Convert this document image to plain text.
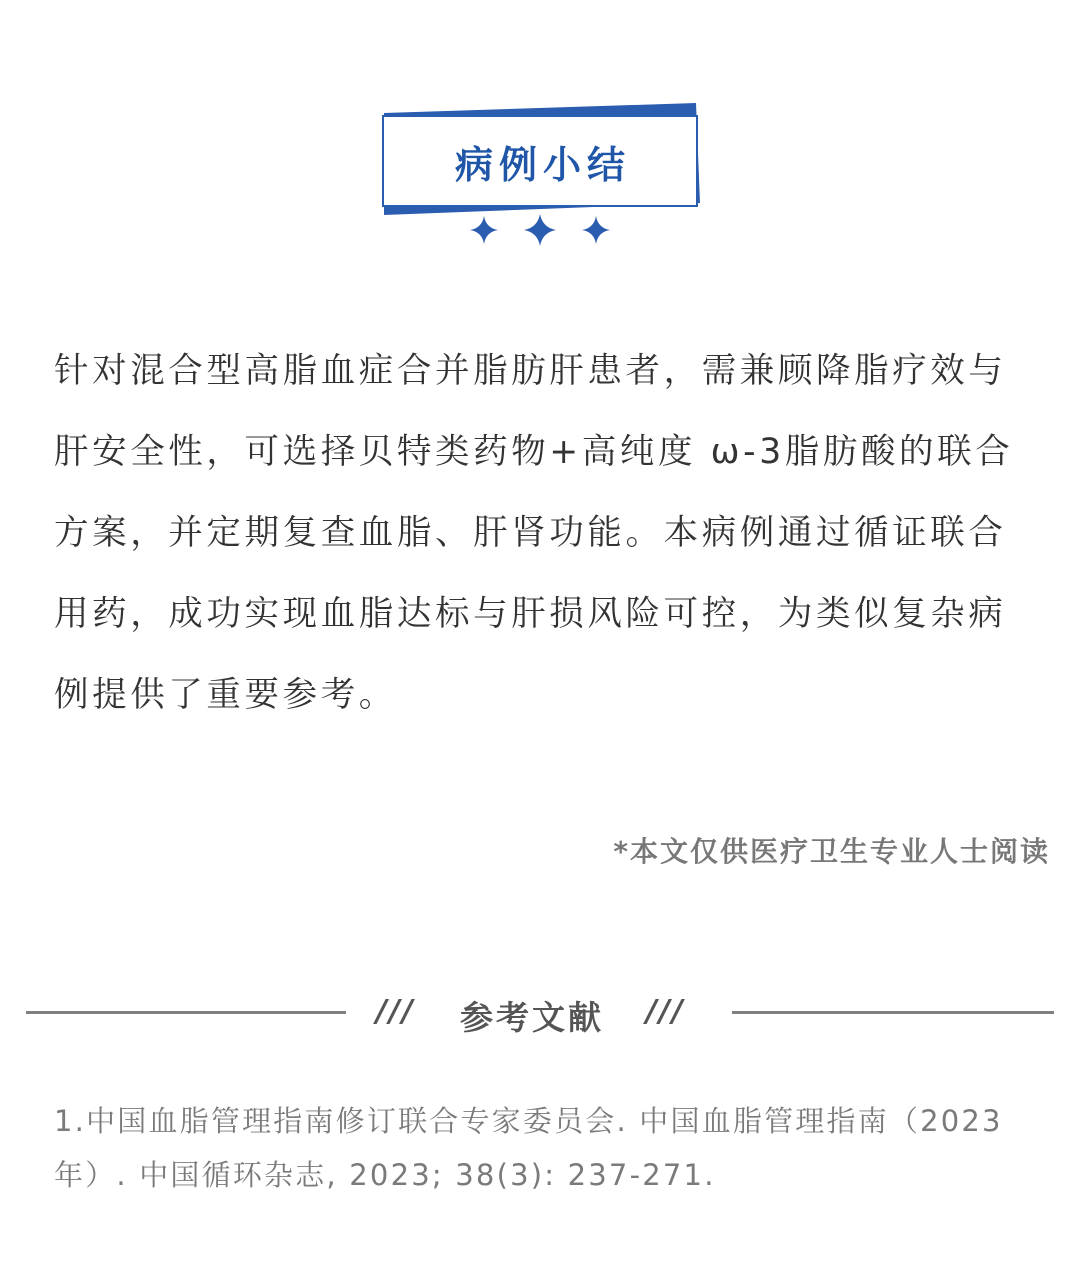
病例小结

针对混合型高脂血症合并脂肪肝患者，需兼顾降脂疗效与肝安全性，可选择贝特类药物+高纯度 ω-3脂肪酸的联合方案，并定期复查血脂、肝肾功能。本病例通过循证联合用药，成功实现血脂达标与肝损风险可控，为类似复杂病例提供了重要参考。

*本文仅供医疗卫生专业人士阅读
/// 参考文献 ///

1.中国血脂管理指南修订联合专家委员会. 中国血脂管理指南（2023年）. 中国循环杂志, 2023; 38(3): 237-271.
